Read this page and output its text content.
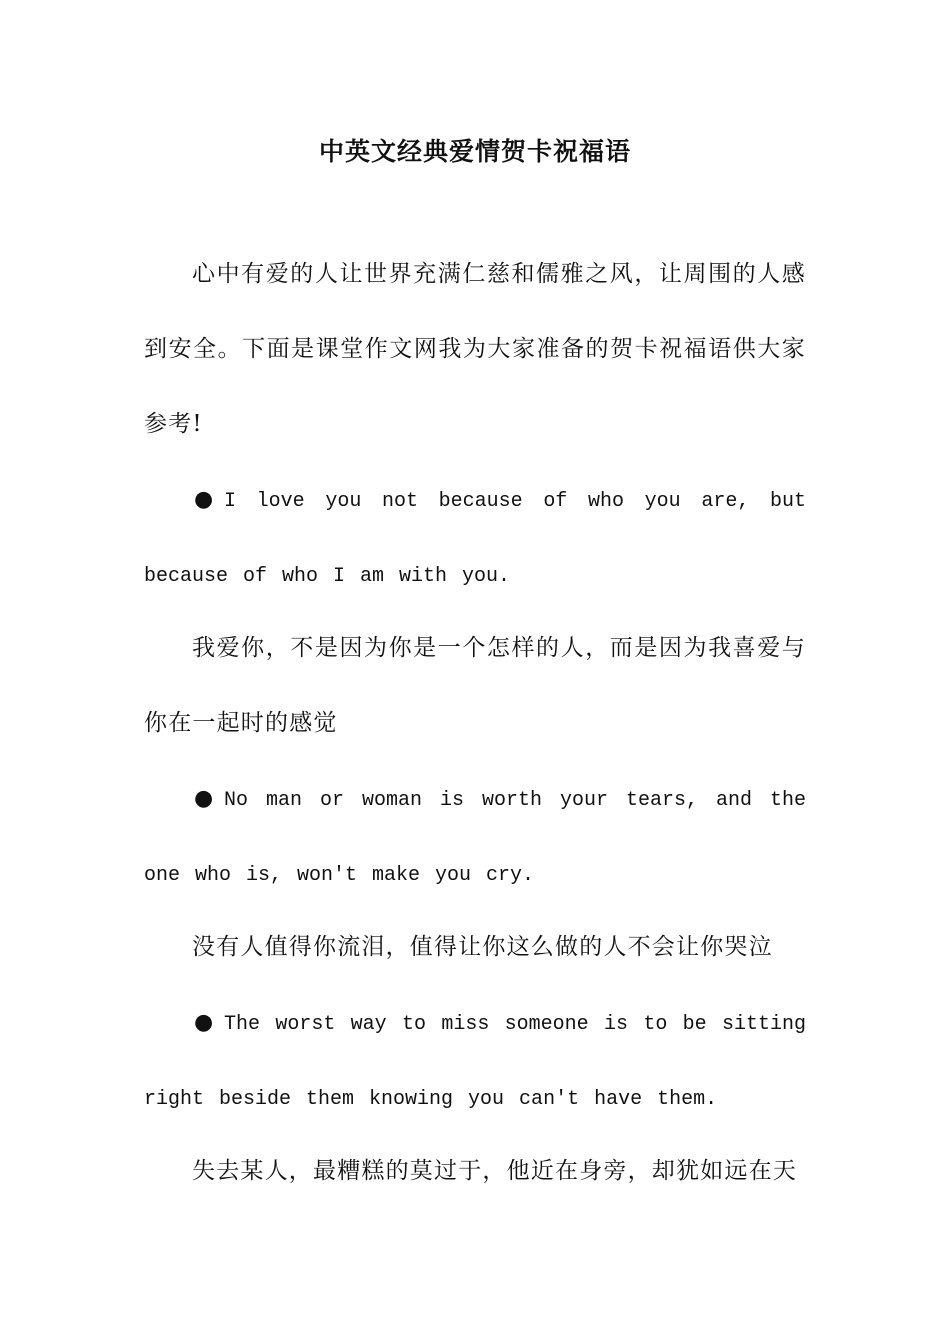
中英文经典爱情贺卡祝福语

心中有爱的人让世界充满仁慈和儒雅之风，让周围的人感到安全。下面是课堂作文网我为大家准备的贺卡祝福语供大家参考!

● I love you not because of who you are, but because of who I am with you.

我爱你，不是因为你是一个怎样的人，而是因为我喜爱与你在一起时的感觉

● No man or woman is worth your tears, and the one who is, won't make you cry.

没有人值得你流泪，值得让你这么做的人不会让你哭泣

● The worst way to miss someone is to be sitting right beside them knowing you can't have them.

失去某人，最糟糕的莫过于，他近在身旁，却犹如远在天
